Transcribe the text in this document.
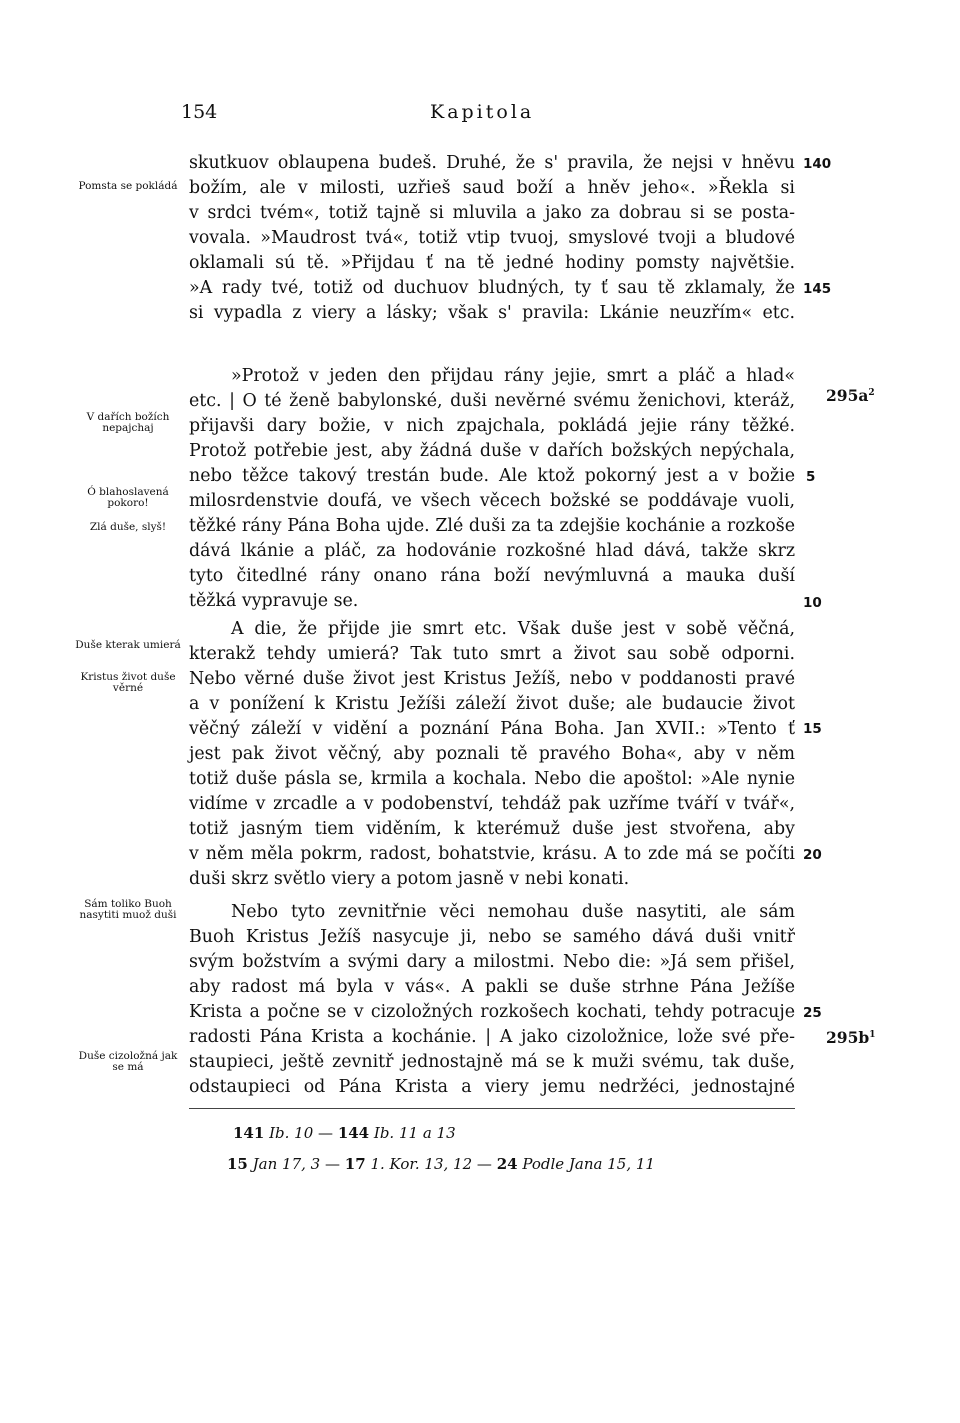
154	Kapitola
skutkuov oblaupena budeš. Druhé, že s' pravila, že nejsi v hněvu
božím, ale v milosti, uzřieš saud boží a hněv jeho«. »Řekla si
v srdci tvém«, totiž tajně si mluvila a jako za dobrau si se posta-
vovala. »Maudrost tvá«, totiž vtip tvuoj, smyslové tvoji a bludové
oklamali sú tě. »Přijdau ť na tě jedné hodiny pomsty najvětšie.
»A rady tvé, totiž od duchuov bludných, ty ť sau tě zklamaly, že
si vypadla z viery a lásky; však s' pravila: Lkánie neuzřím« etc.
»Protož v jeden den přijdau rány jejie, smrt a pláč a hlad«
etc. | O té ženě babylonské, duši nevěrné svému ženichovi, kteráž,
přijavši dary božie, v nich zpajchala, pokládá jejie rány těžké.
Protož potřebie jest, aby žádná duše v dařích božských nepýchala,
nebo těžce takový trestán bude. Ale ktož pokorný jest a v božie
milosrdenstvie doufá, ve všech věcech božské se poddávaje vuoli,
těžké rány Pána Boha ujde. Zlé duši za ta zdejšie kochánie a rozkoše
dává lkánie a pláč, za hodovánie rozkošné hlad dává, takže skrz
tyto čitedlné rány onano rána boží nevýmluvná a mauka duší
těžká vypravuje se.
A die, že přijde jie smrt etc. Však duše jest v sobě věčná,
kterakž tehdy umierá? Tak tuto smrt a život sau sobě odporni.
Nebo věrné duše život jest Kristus Ježíš, nebo v poddanosti pravé
a v ponížení k Kristu Ježíši záleží život duše; ale budaucie život
věčný záleží v vidění a poznání Pána Boha. Jan XVII.: »Tento ť
jest pak život věčný, aby poznali tě pravého Boha«, aby v něm
totiž duše pásla se, krmila a kochala. Nebo die apoštol: »Ale nynie
vidíme v zrcadle a v podobenství, tehdáž pak uzříme tváří v tvář«,
totiž jasným tiem viděním, k kterémuž duše jest stvořena, aby
v něm měla pokrm, radost, bohatstvie, krásu. A to zde má se počíti
duši skrz světlo viery a potom jasně v nebi konati.
Nebo tyto zevnitřnie věci nemohau duše nasytiti, ale sám
Buoh Kristus Ježíš nasycuje ji, nebo se samého dává duši vnitř
svým božstvím a svými dary a milostmi. Nebo die: »Já sem přišel,
aby radost má byla v vás«. A pakli se duše strhne Pána Ježíše
Krista a počne se v cizoložných rozkošech kochati, tehdy potracuje
radosti Pána Krista a kochánie. | A jako cizoložnice, lože své pře-
staupieci, ještě zevnitř jednostajně má se k muži svému, tak duše,
odstaupieci od Pána Krista a viery jemu nedržéci, jednostajné
Pomsta se pokládá
V dařích božích nepajchaj
Ó blahoslavená pokoro!
Zlá duše, slyš!
Duše kterak umierá
Kristus život duše věrné
Sám toliko Buoh nasytiti muož duši
Duše cizoložná jak se má
140
145
5
10
15
20
25
$295a^2$
$295b^1$
141 Ib. 10 — 144 Ib. 11 a 13
15 Jan 17, 3 — 17 1. Kor. 13, 12 — 24 Podle Jana 15, 11
